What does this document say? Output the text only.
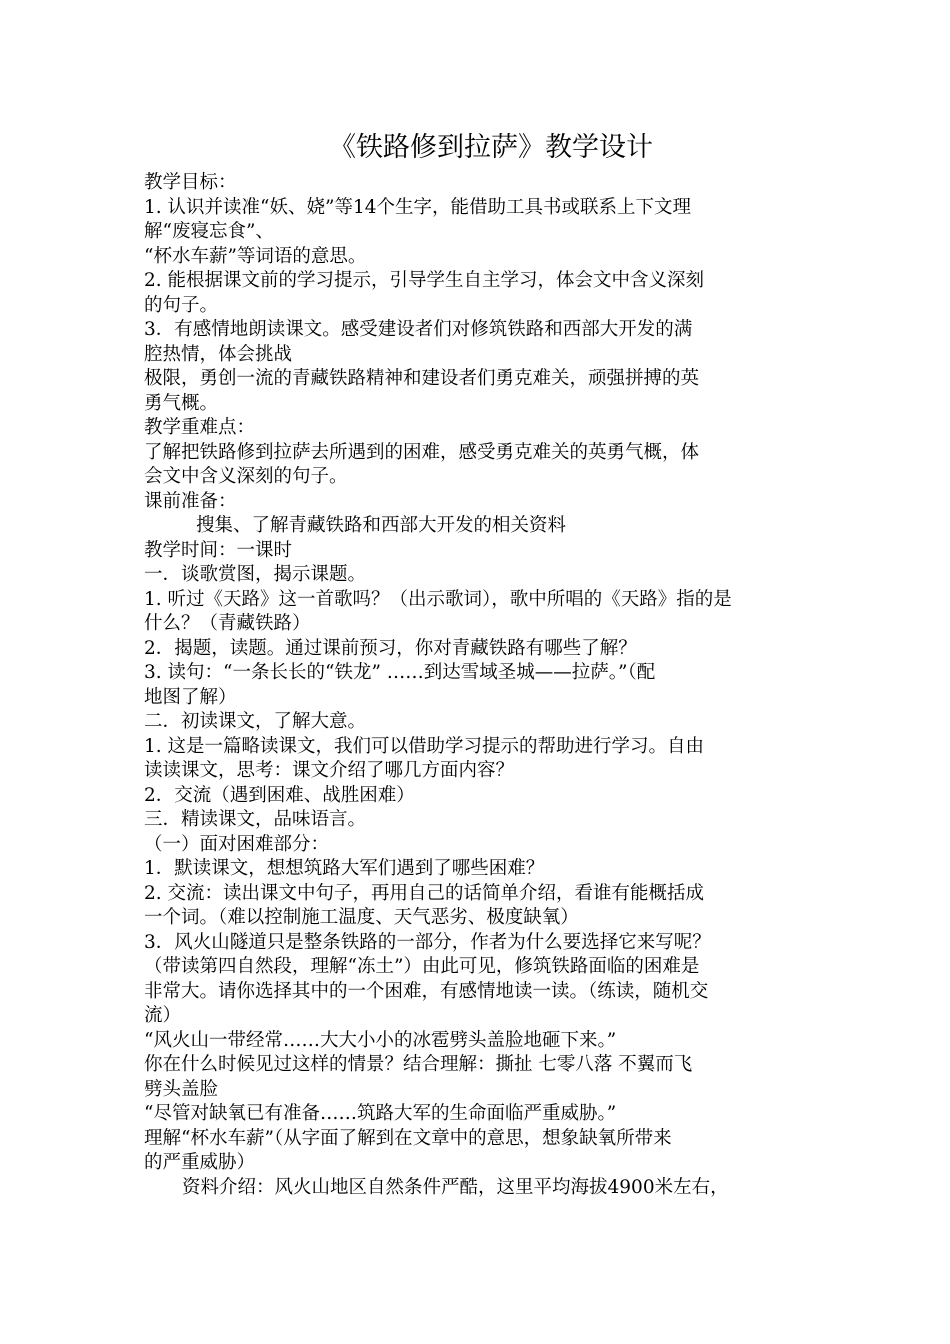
《铁路修到拉萨》教学设计
教学目标：
1. 认识并读准“妖、娆”等14个生字，能借助工具书或联系上下文理
解“废寝忘食”、
“杯水车薪”等词语的意思。
2. 能根据课文前的学习提示，引导学生自主学习，体会文中含义深刻
的句子。
3．有感情地朗读课文。感受建设者们对修筑铁路和西部大开发的满
腔热情，体会挑战
极限，勇创一流的青藏铁路精神和建设者们勇克难关，顽强拼搏的英
勇气概。
教学重难点：
了解把铁路修到拉萨去所遇到的困难，感受勇克难关的英勇气概，体
会文中含义深刻的句子。
课前准备：
搜集、了解青藏铁路和西部大开发的相关资料
教学时间：一课时
一．谈歌赏图，揭示课题。
1. 听过《天路》这一首歌吗？（出示歌词），歌中所唱的《天路》指的是
什么？（青藏铁路）
2．揭题，读题。通过课前预习，你对青藏铁路有哪些了解？
3. 读句：“一条长长的“铁龙” ……到达雪域圣城——拉萨。”（配
地图了解）
二．初读课文，了解大意。
1. 这是一篇略读课文，我们可以借助学习提示的帮助进行学习。自由
读读课文，思考：课文介绍了哪几方面内容？
2．交流（遇到困难、战胜困难）
三．精读课文，品味语言。
（一）面对困难部分：
1．默读课文，想想筑路大军们遇到了哪些困难？
2. 交流：读出课文中句子，再用自己的话简单介绍，看谁有能概括成
一个词。（难以控制施工温度、天气恶劣、极度缺氧）
3．风火山隧道只是整条铁路的一部分，作者为什么要选择它来写呢？
（带读第四自然段，理解“冻土”）由此可见，修筑铁路面临的困难是
非常大。请你选择其中的一个困难，有感情地读一读。（练读，随机交
流）
“风火山一带经常……大大小小的冰雹劈头盖脸地砸下来。”
你在什么时候见过这样的情景？结合理解：撕扯 七零八落 不翼而飞
劈头盖脸
“尽管对缺氧已有准备……筑路大军的生命面临严重威胁。”
理解“杯水车薪”（从字面了解到在文章中的意思，想象缺氧所带来
的严重威胁）
资料介绍：风火山地区自然条件严酷，这里平均海拔4900米左右，
